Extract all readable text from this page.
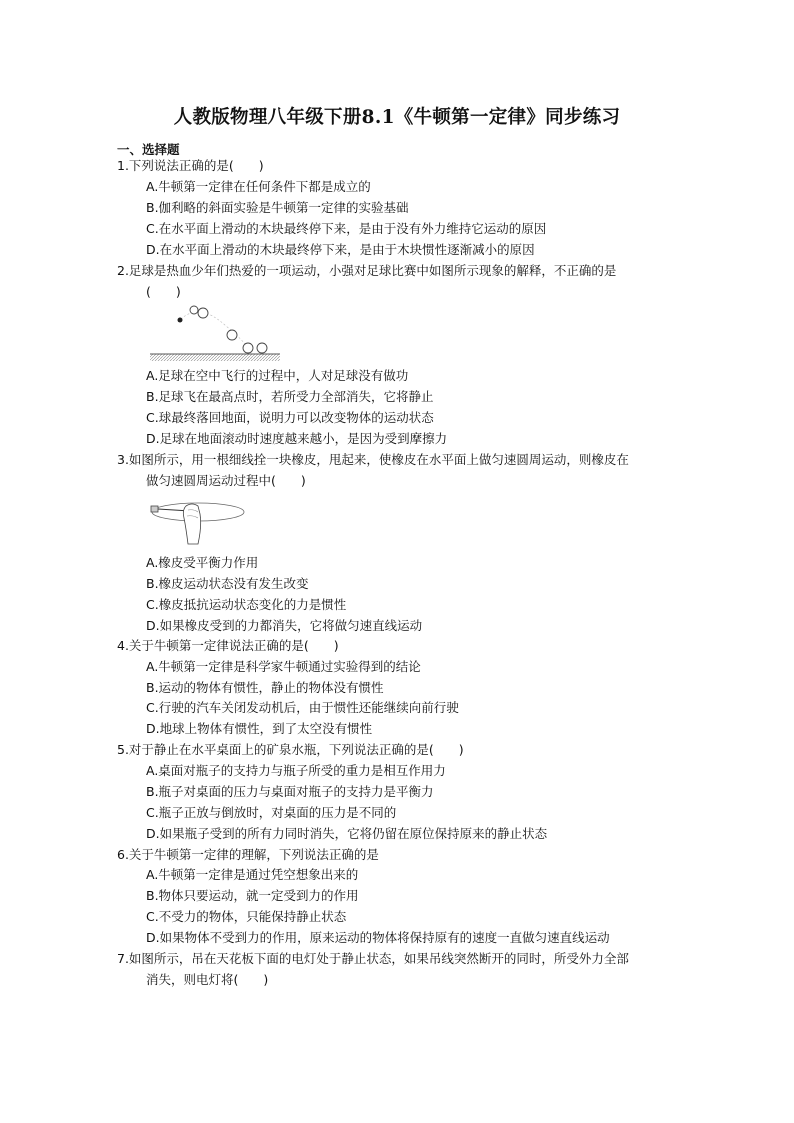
人教版物理八年级下册8.1《牛顿第一定律》同步练习
一、选择题
1.下列说法正确的是(　　)
A.牛顿第一定律在任何条件下都是成立的
B.伽利略的斜面实验是牛顿第一定律的实验基础
C.在水平面上滑动的木块最终停下来，是由于没有外力维持它运动的原因
D.在水平面上滑动的木块最终停下来，是由于木块惯性逐渐减小的原因
2.足球是热血少年们热爱的一项运动，小强对足球比赛中如图所示现象的解释，不正确的是
(　　)
A.足球在空中飞行的过程中，人对足球没有做功
B.足球飞在最高点时，若所受力全部消失，它将静止
C.球最终落回地面，说明力可以改变物体的运动状态
D.足球在地面滚动时速度越来越小，是因为受到摩擦力
3.如图所示，用一根细线拴一块橡皮，甩起来，使橡皮在水平面上做匀速圆周运动，则橡皮在
做匀速圆周运动过程中(　　)
A.橡皮受平衡力作用
B.橡皮运动状态没有发生改变
C.橡皮抵抗运动状态变化的力是惯性
D.如果橡皮受到的力都消失，它将做匀速直线运动
4.关于牛顿第一定律说法正确的是(　　)
A.牛顿第一定律是科学家牛顿通过实验得到的结论
B.运动的物体有惯性，静止的物体没有惯性
C.行驶的汽车关闭发动机后，由于惯性还能继续向前行驶
D.地球上物体有惯性，到了太空没有惯性
5.对于静止在水平桌面上的矿泉水瓶，下列说法正确的是(　　)
A.桌面对瓶子的支持力与瓶子所受的重力是相互作用力
B.瓶子对桌面的压力与桌面对瓶子的支持力是平衡力
C.瓶子正放与倒放时，对桌面的压力是不同的
D.如果瓶子受到的所有力同时消失，它将仍留在原位保持原来的静止状态
6.关于牛顿第一定律的理解，下列说法正确的是
A.牛顿第一定律是通过凭空想象出来的
B.物体只要运动，就一定受到力的作用
C.不受力的物体，只能保持静止状态
D.如果物体不受到力的作用，原来运动的物体将保持原有的速度一直做匀速直线运动
7.如图所示，吊在天花板下面的电灯处于静止状态，如果吊线突然断开的同时，所受外力全部
消失，则电灯将(　　)
